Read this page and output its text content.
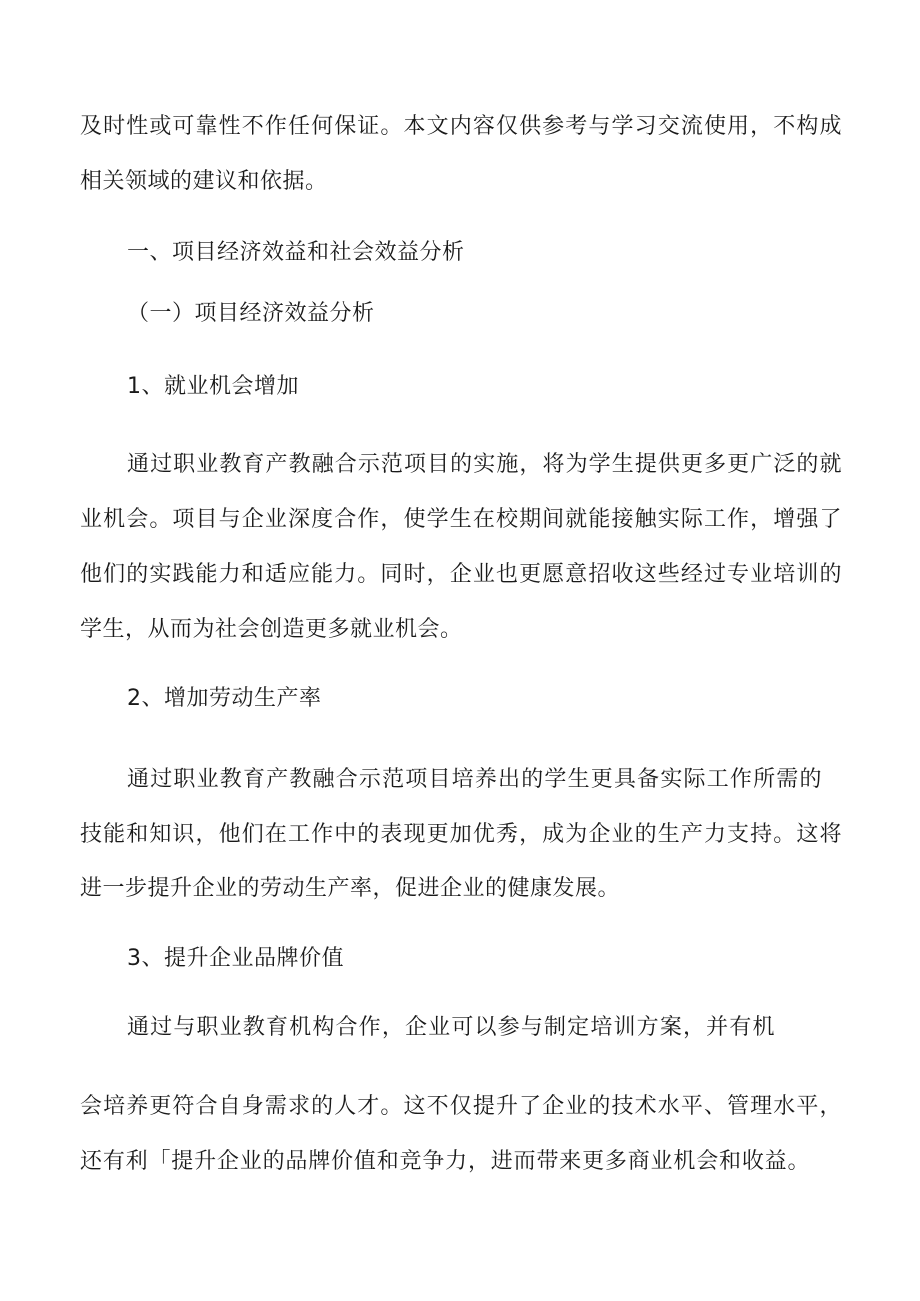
及时性或可靠性不作任何保证。本文内容仅供参考与学习交流使用，不构成
相关领域的建议和依据。
一、项目经济效益和社会效益分析
（一）项目经济效益分析
1、就业机会增加
通过职业教育产教融合示范项目的实施，将为学生提供更多更广泛的就
业机会。项目与企业深度合作，使学生在校期间就能接触实际工作，增强了
他们的实践能力和适应能力。同时，企业也更愿意招收这些经过专业培训的
学生，从而为社会创造更多就业机会。
2、增加劳动生产率
通过职业教育产教融合示范项目培养出的学生更具备实际工作所需的
技能和知识，他们在工作中的表现更加优秀，成为企业的生产力支持。这将
进一步提升企业的劳动生产率，促进企业的健康发展。
3、提升企业品牌价值
通过与职业教育机构合作，企业可以参与制定培训方案，并有机
会培养更符合自身需求的人才。这不仅提升了企业的技术水平、管理水平，
还有利「提升企业的品牌价值和竞争力，进而带来更多商业机会和收益。
